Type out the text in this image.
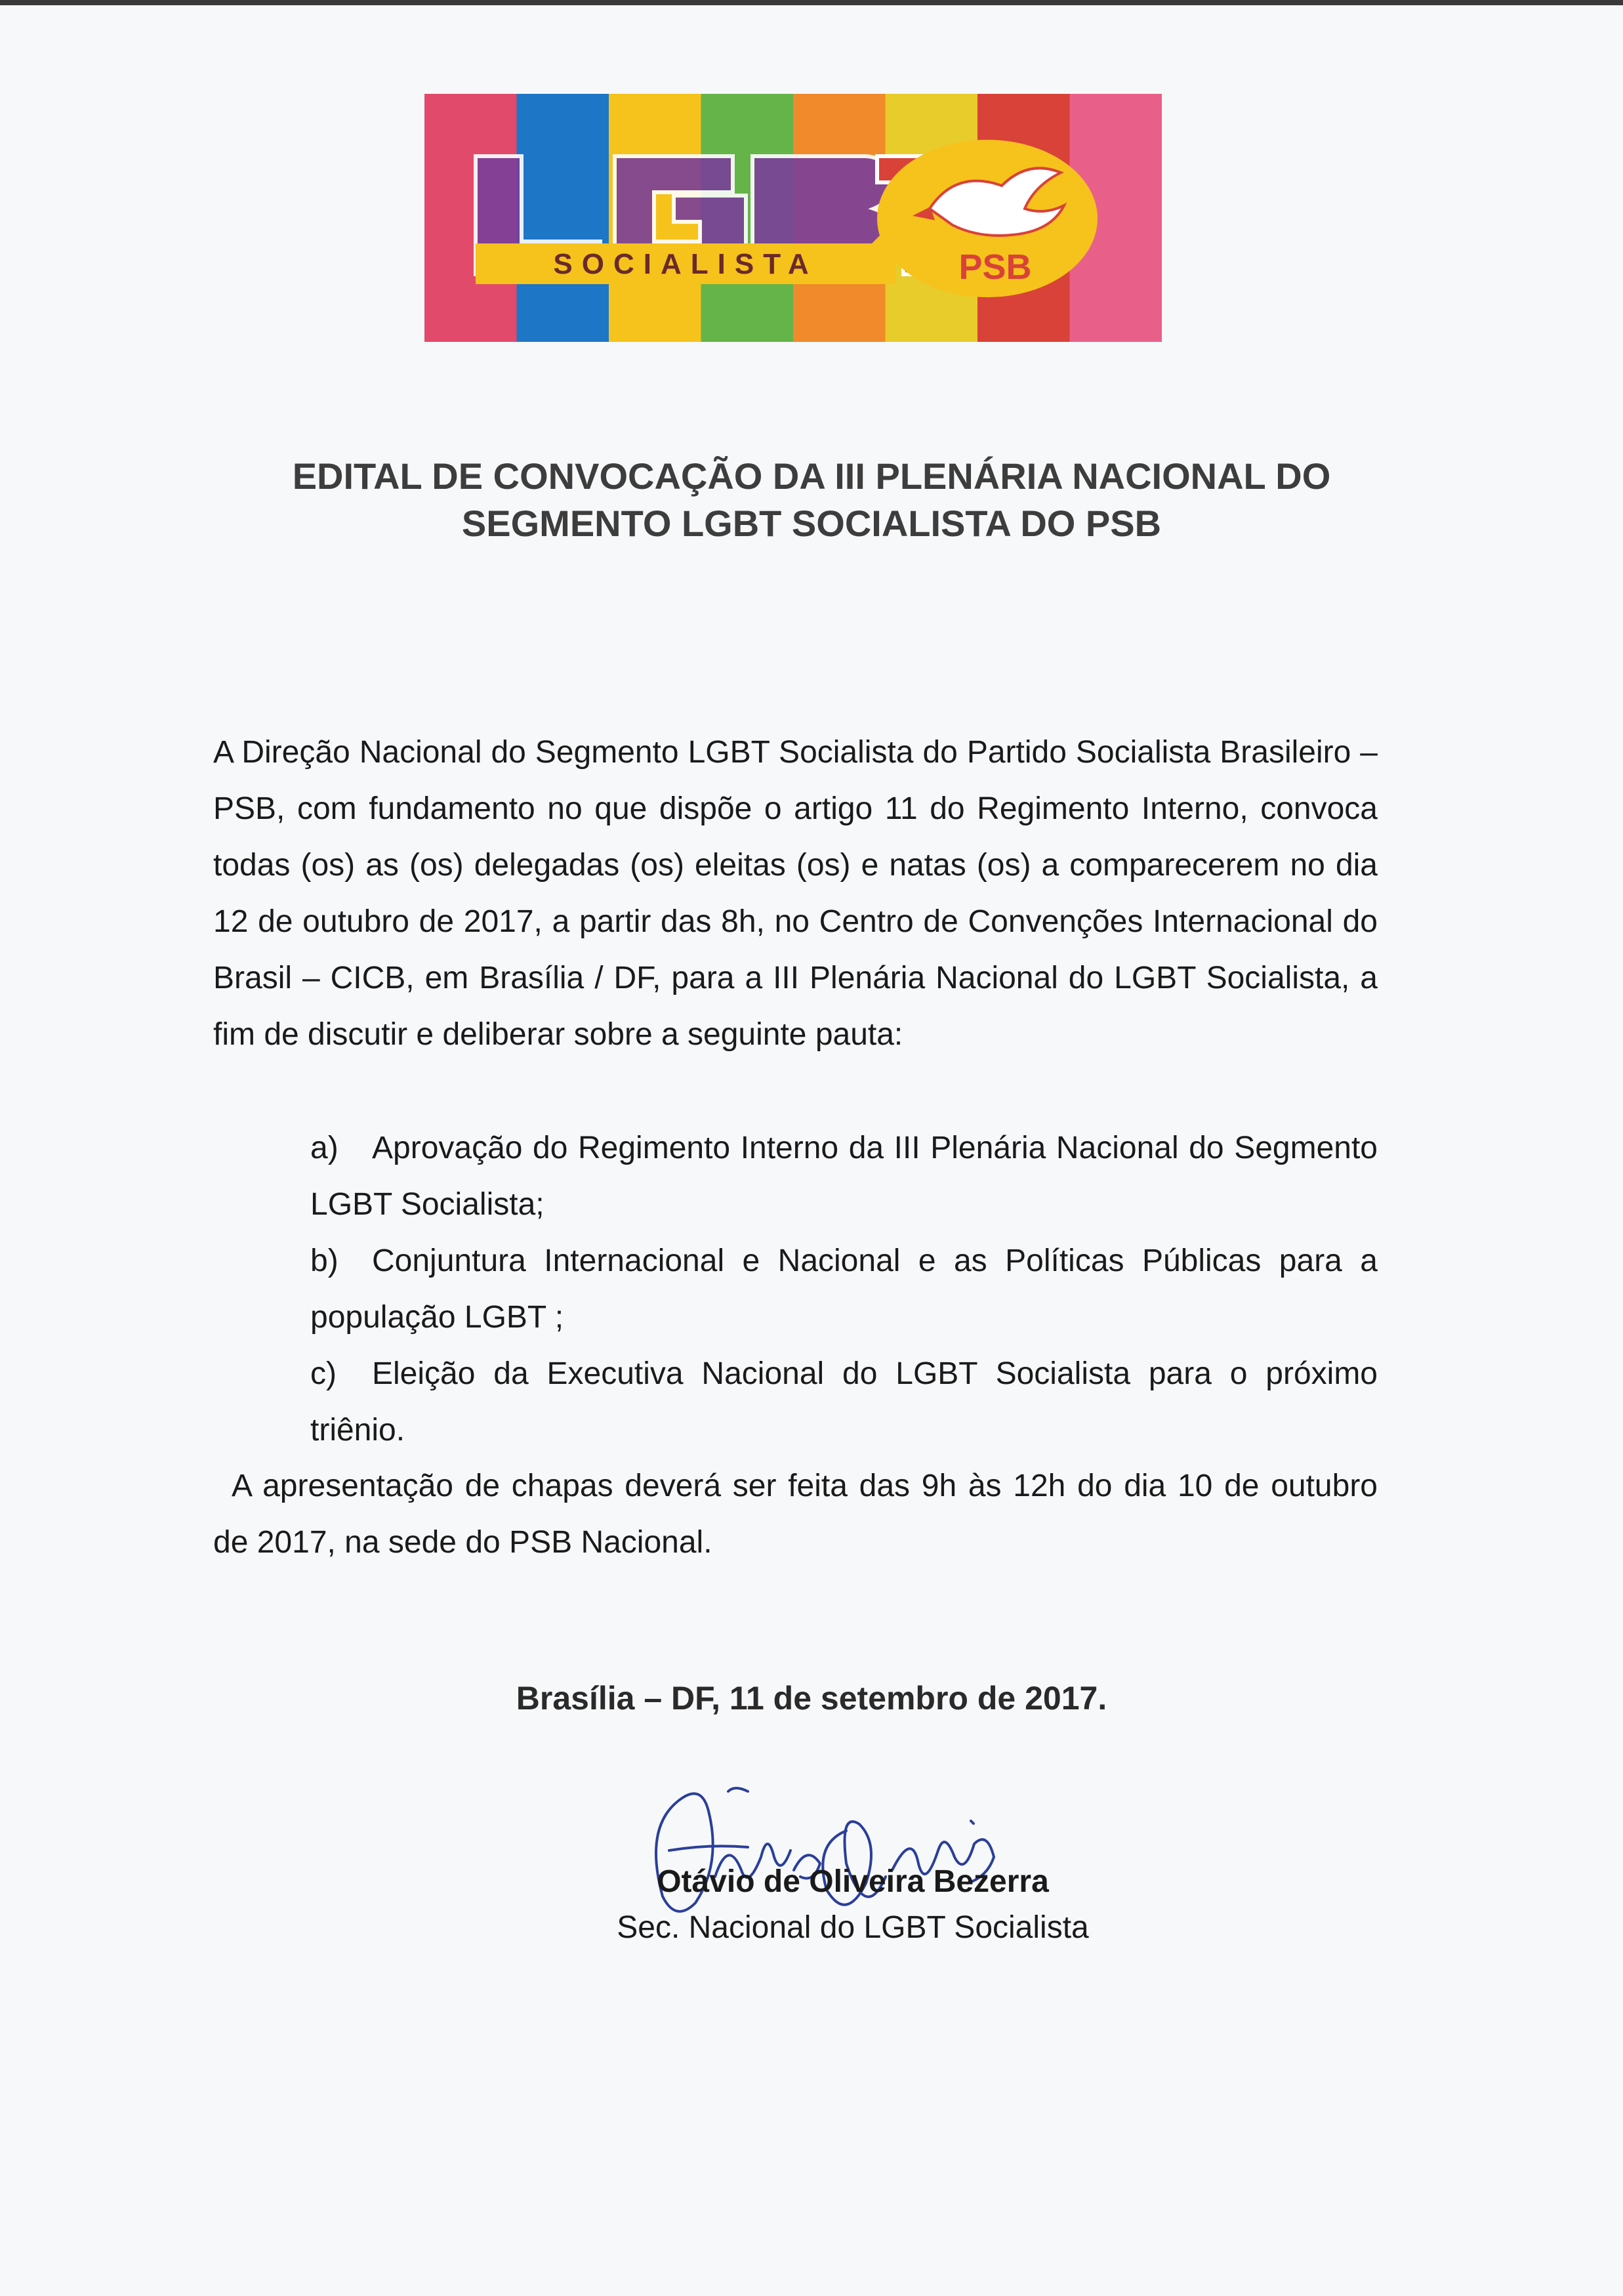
SOCIALISTA	PSB
EDITAL DE CONVOCAÇÃO DA III PLENÁRIA NACIONAL DO
SEGMENTO LGBT SOCIALISTA DO PSB

A Direção Nacional do Segmento LGBT Socialista do Partido Socialista Brasileiro – PSB, com fundamento no que dispõe o artigo 11 do Regimento Interno, convoca todas (os) as (os) delegadas (os) eleitas (os) e natas (os) a comparecerem no dia 12 de outubro de 2017, a partir das 8h, no Centro de Convenções Internacional do Brasil – CICB, em Brasília / DF, para a III Plenária Nacional do LGBT Socialista, a fim de discutir e deliberar sobre a seguinte pauta:

a) Aprovação do Regimento Interno da III Plenária Nacional do Segmento LGBT Socialista;
b) Conjuntura Internacional e Nacional e as Políticas Públicas para a população LGBT ;
c) Eleição da Executiva Nacional do LGBT Socialista para o próximo triênio.

A apresentação de chapas deverá ser feita das 9h às 12h do dia 10 de outubro de 2017, na sede do PSB Nacional.

Brasília – DF, 11 de setembro de 2017.

Otávio de Oliveira Bezerra
Sec. Nacional do LGBT Socialista
